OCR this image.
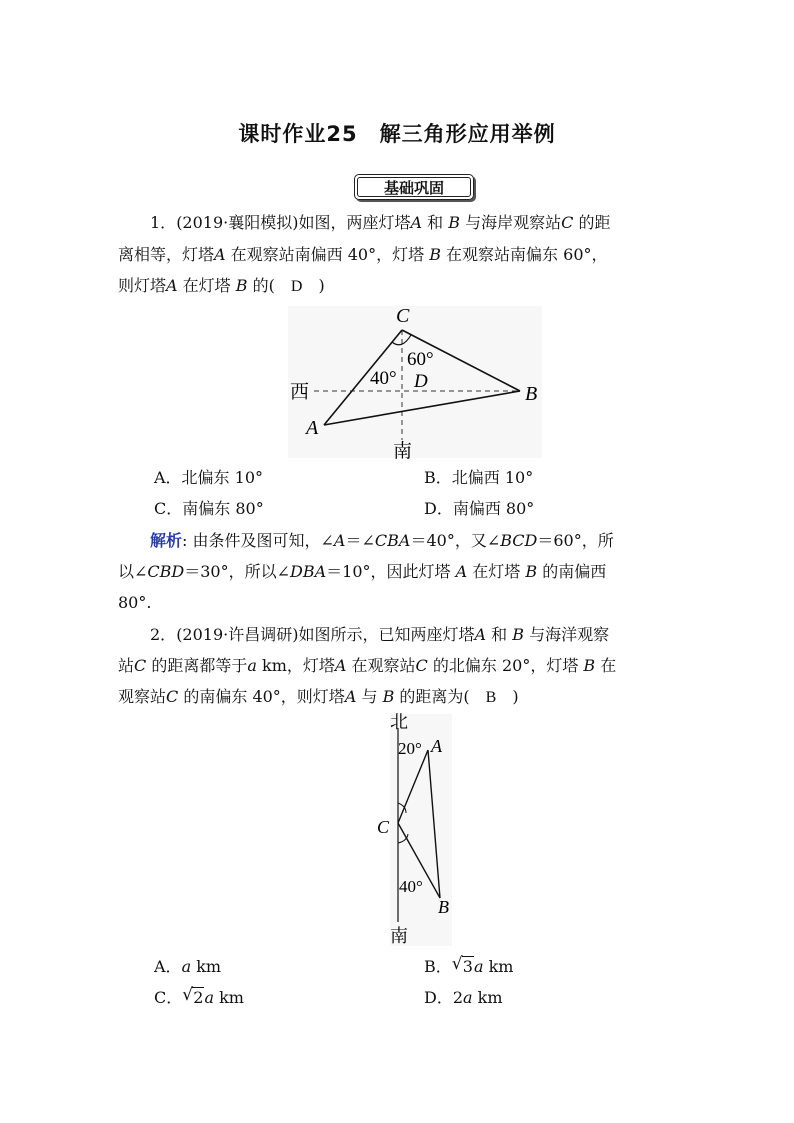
课时作业25　解三角形应用举例
基础巩固
1．(2019·襄阳模拟)如图，两座灯塔A 和 B 与海岸观察站C 的距
离相等，灯塔A 在观察站南偏西 40°，灯塔 B 在观察站南偏东 60°，
则灯塔A 在灯塔 B 的(　D　)
C
60°
40° D
B
A
西
南
A．北偏东 10°	B．北偏西 10°
C．南偏东 80°	D．南偏西 80°
解析: 由条件及图可知，∠A＝∠CBA＝40°，又∠BCD＝60°，所
以∠CBD＝30°，所以∠DBA＝10°，因此灯塔 A 在灯塔 B 的南偏西
80°.
2．(2019·许昌调研)如图所示，已知两座灯塔A 和 B 与海洋观察
站C 的距离都等于a km，灯塔A 在观察站C 的北偏东 20°，灯塔 B 在
观察站C 的南偏东 40°，则灯塔A 与 B 的距离为(　B　)
北
20° A
C
40°
B
南
A．a km	B． √ 3a km
C． √ 2a km	D．2a km
